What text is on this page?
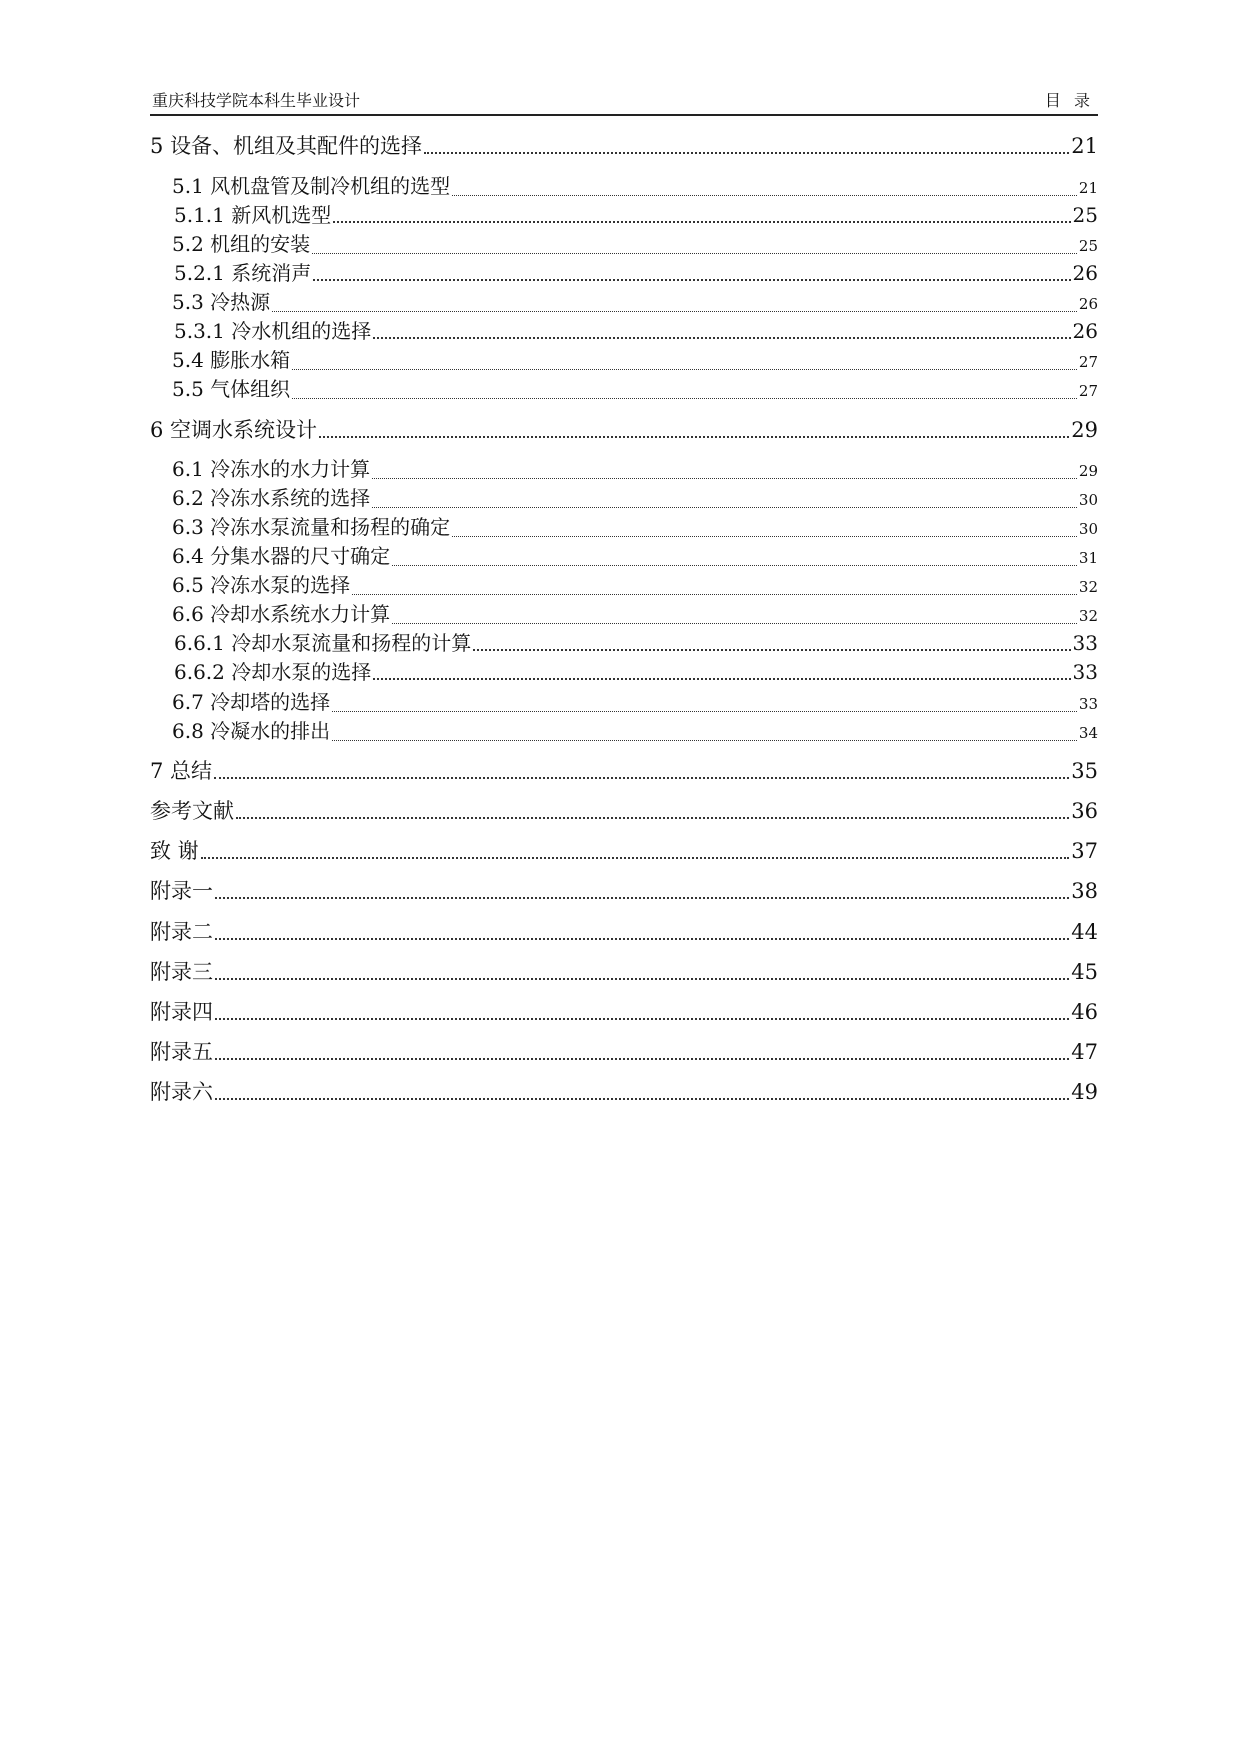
重庆科技学院本科生毕业设计	目 录
5 设备、机组及其配件的选择	21
5.1 风机盘管及制冷机组的选型	21
5.1.1 新风机选型	25
5.2 机组的安装	25
5.2.1 系统消声	26
5.3 冷热源	26
5.3.1 冷水机组的选择	26
5.4 膨胀水箱	27
5.5 气体组织	27
6 空调水系统设计	29
6.1 冷冻水的水力计算	29
6.2 冷冻水系统的选择	30
6.3 冷冻水泵流量和扬程的确定	30
6.4 分集水器的尺寸确定	31
6.5 冷冻水泵的选择	32
6.6 冷却水系统水力计算	32
6.6.1 冷却水泵流量和扬程的计算	33
6.6.2 冷却水泵的选择	33
6.7 冷却塔的选择	33
6.8 冷凝水的排出	34
7 总结	35
参考文献	36
致 谢	37
附录一	38
附录二	44
附录三	45
附录四	46
附录五	47
附录六	49
